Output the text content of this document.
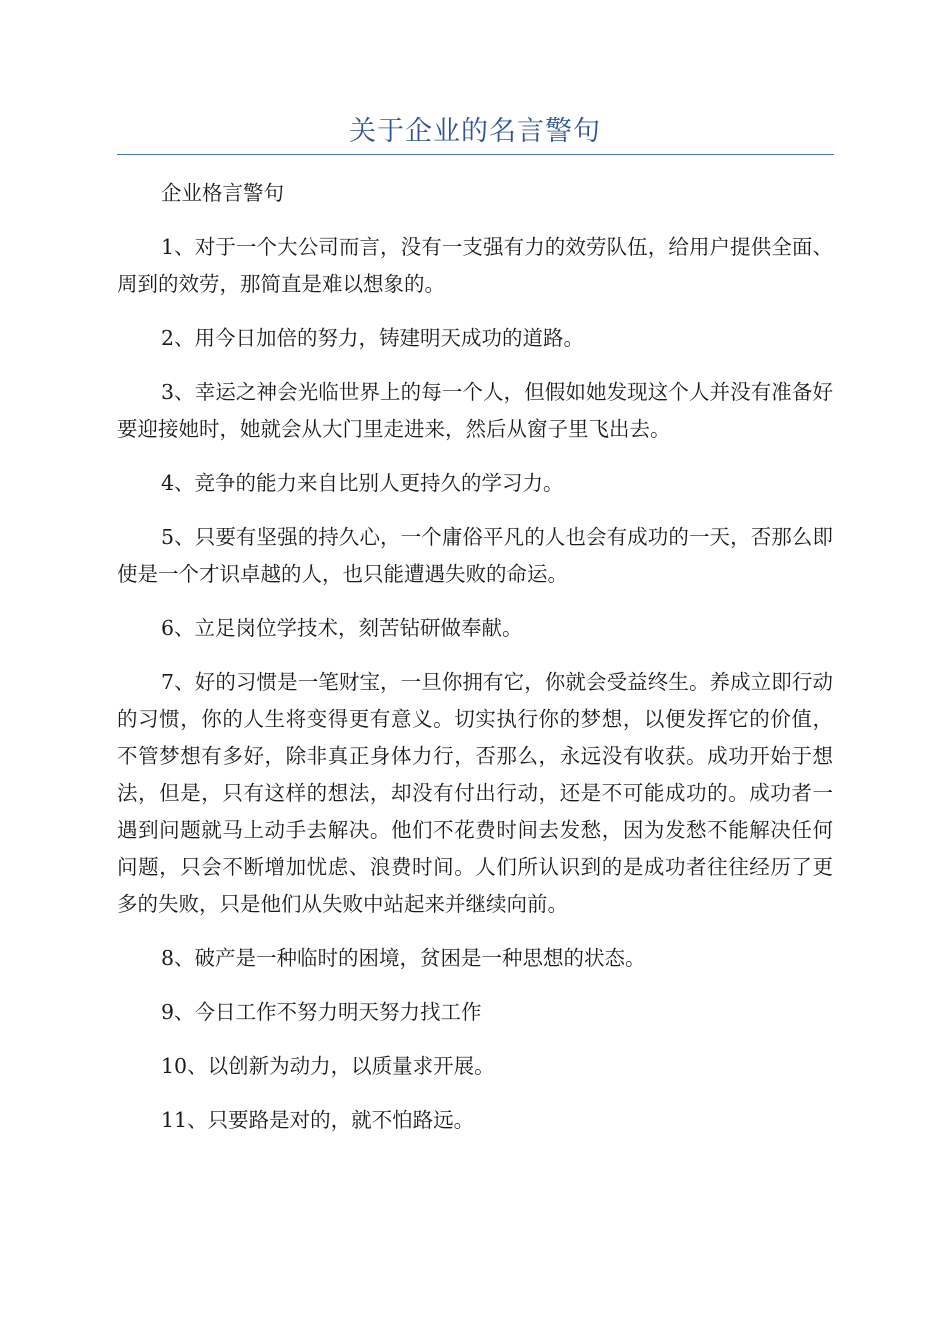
关于企业的名言警句

企业格言警句

1、对于一个大公司而言，没有一支强有力的效劳队伍，给用户提供全面、周到的效劳，那简直是难以想象的。

2、用今日加倍的努力，铸建明天成功的道路。

3、幸运之神会光临世界上的每一个人，但假如她发现这个人并没有准备好要迎接她时，她就会从大门里走进来，然后从窗子里飞出去。

4、竞争的能力来自比别人更持久的学习力。

5、只要有坚强的持久心，一个庸俗平凡的人也会有成功的一天，否那么即使是一个才识卓越的人，也只能遭遇失败的命运。

6、立足岗位学技术，刻苦钻研做奉献。

7、好的习惯是一笔财宝，一旦你拥有它，你就会受益终生。养成立即行动的习惯，你的人生将变得更有意义。切实执行你的梦想，以便发挥它的价值，不管梦想有多好，除非真正身体力行，否那么，永远没有收获。成功开始于想法，但是，只有这样的想法，却没有付出行动，还是不可能成功的。成功者一遇到问题就马上动手去解决。他们不花费时间去发愁，因为发愁不能解决任何问题，只会不断增加忧虑、浪费时间。人们所认识到的是成功者往往经历了更多的失败，只是他们从失败中站起来并继续向前。

8、破产是一种临时的困境，贫困是一种思想的状态。

9、今日工作不努力明天努力找工作

10、以创新为动力，以质量求开展。

11、只要路是对的，就不怕路远。
